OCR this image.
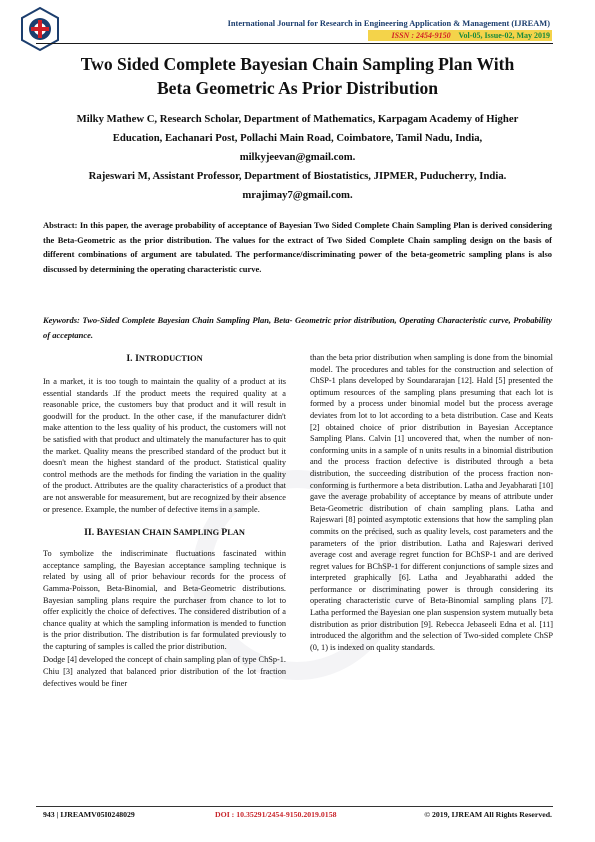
International Journal for Research in Engineering Application & Management (IJREAM)
ISSN : 2454-9150 Vol-05, Issue-02, May 2019
Two Sided Complete Bayesian Chain Sampling Plan With
Beta Geometric As Prior Distribution
Milky Mathew C, Research Scholar, Department of Mathematics, Karpagam Academy of Higher
Education, Eachanari Post, Pollachi Main Road, Coimbatore, Tamil Nadu, India,
milkyjeevan@gmail.com.
Rajeswari M, Assistant Professor, Department of Biostatistics, JIPMER, Puducherry, India.
mrajimay7@gmail.com.
Abstract: In this paper, the average probability of acceptance of Bayesian Two Sided Complete Chain Sampling Plan is derived considering the Beta-Geometric as the prior distribution. The values for the extract of Two Sided Complete Chain sampling design on the basis of different combinations of argument are tabulated. The performance/discriminating power of the beta-geometric sampling plans is also discussed by determining the operating characteristic curve.
Keywords: Two-Sided Complete Bayesian Chain Sampling Plan, Beta- Geometric prior distribution, Operating Characteristic curve, Probability of acceptance.
I. INTRODUCTION

In a market, it is too tough to maintain the quality of a product at its essential standards .If the product meets the required quality at a reasonable price, the customers buy that product and it will result in goodwill for the product. In the other case, if the manufacturer didn't make attention to the less quality of his product, the customers will not be satisfied with that product and ultimately the manufacturer has to quit the market. Quality means the prescribed standard of the product but it doesn't mean the highest standard of the product. Statistical quality control methods are the methods for finding the variation in the quality of the product. Attributes are the quality characteristics of a product that are not answerable for measurement, but are recognized by their absence or presence. Example, the number of defective items in a sample.

II. BAYESIAN CHAIN SAMPLING PLAN

To symbolize the indiscriminate fluctuations fascinated within acceptance sampling, the Bayesian acceptance sampling technique is related by using all of prior behaviour records for the process of Gamma-Poisson, Beta-Binomial, and Beta-Geometric distributions. Bayesian sampling plans require the purchaser from chance to lot to offer explicitly the choice of defectives. The considered distribution of a chance quality at which the sampling information is mended to function is the prior distribution. The distribution is far formulated previously to the capturing of samples is called the prior distribution.

Dodge [4] developed the concept of chain sampling plan of type ChSp-1. Chiu [3] analyzed that balanced prior distribution of the lot fraction defectives would be finer

than the beta prior distribution when sampling is done from the binomial model. The procedures and tables for the construction and selection of ChSP-1 plans developed by Soundararajan [12]. Hald [5] presented the optimum resources of the sampling plans presuming that each lot is formed by a process under binomial model but the process average deviates from lot to lot according to a beta distribution. Case and Keats [2] obtained choice of prior distribution in Bayesian Acceptance Sampling Plans. Calvin [1] uncovered that, when the number of non-conforming units in a sample of n units results in a binomial distribution and the process fraction defective is distributed through a beta distribution, the succeeding distribution of the process fraction non-conforming is furthermore a beta distribution. Latha and Jeyabharati [10] gave the average probability of acceptance by means of attribute under Beta-Geometric distribution of chain sampling plans. Latha and Rajeswari [8] pointed asymptotic extensions that how the sampling plan commits on the précised, such as quality levels, cost parameters and the parameters of the prior distribution. Latha and Rajeswari derived average cost and average regret function for BChSP-1 and are derived regret values for BChSP-1 for different conjunctions of sample sizes and interpreted graphically [6]. Latha and Jeyabharathi added the performance or discriminating power is through considering its operating characteristic curve of Beta-Binomial sampling plans [7]. Latha performed the Bayesian one plan suspension system mutually beta distribution as prior distribution [9]. Rebecca Jebaseeli Edna et al. [11] introduced the algorithm and the selection of Two-sided complete ChSP (0, 1) is indexed on quality standards.

943 | IJREAMV05I0248029	DOI : 10.35291/2454-9150.2019.0158	© 2019, IJREAM All Rights Reserved.
